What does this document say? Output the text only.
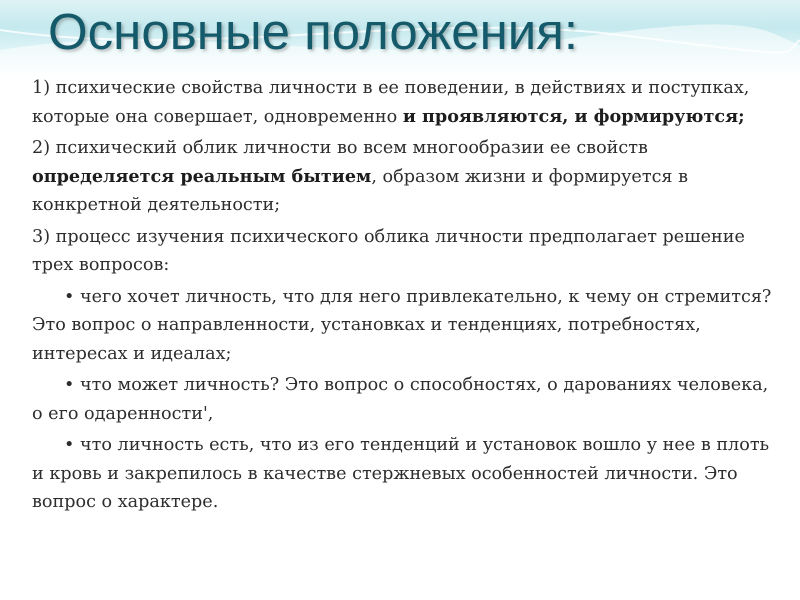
Основные положения:

1) психические свойства личности в ее поведении, в действиях и поступках, которые она совершает, одновременно и проявляются, и формируются;

2) психический облик личности во всем многообразии ее свойств определяется реальным бытием, образом жизни и формируется в конкретной деятельности;

3) процесс изучения психического облика личности предполагает решение трех вопросов:

• чего хочет личность, что для него привлекательно, к чему он стремится? Это вопрос о направленности, установках и тенденциях, потребностях, интересах и идеалах;

• что может личность? Это вопрос о способностях, о дарованиях человека, о его одаренности',

• что личность есть, что из его тенденций и установок вошло у нее в плоть и кровь и закрепилось в качестве стержневых особенностей личности. Это вопрос о характере.
